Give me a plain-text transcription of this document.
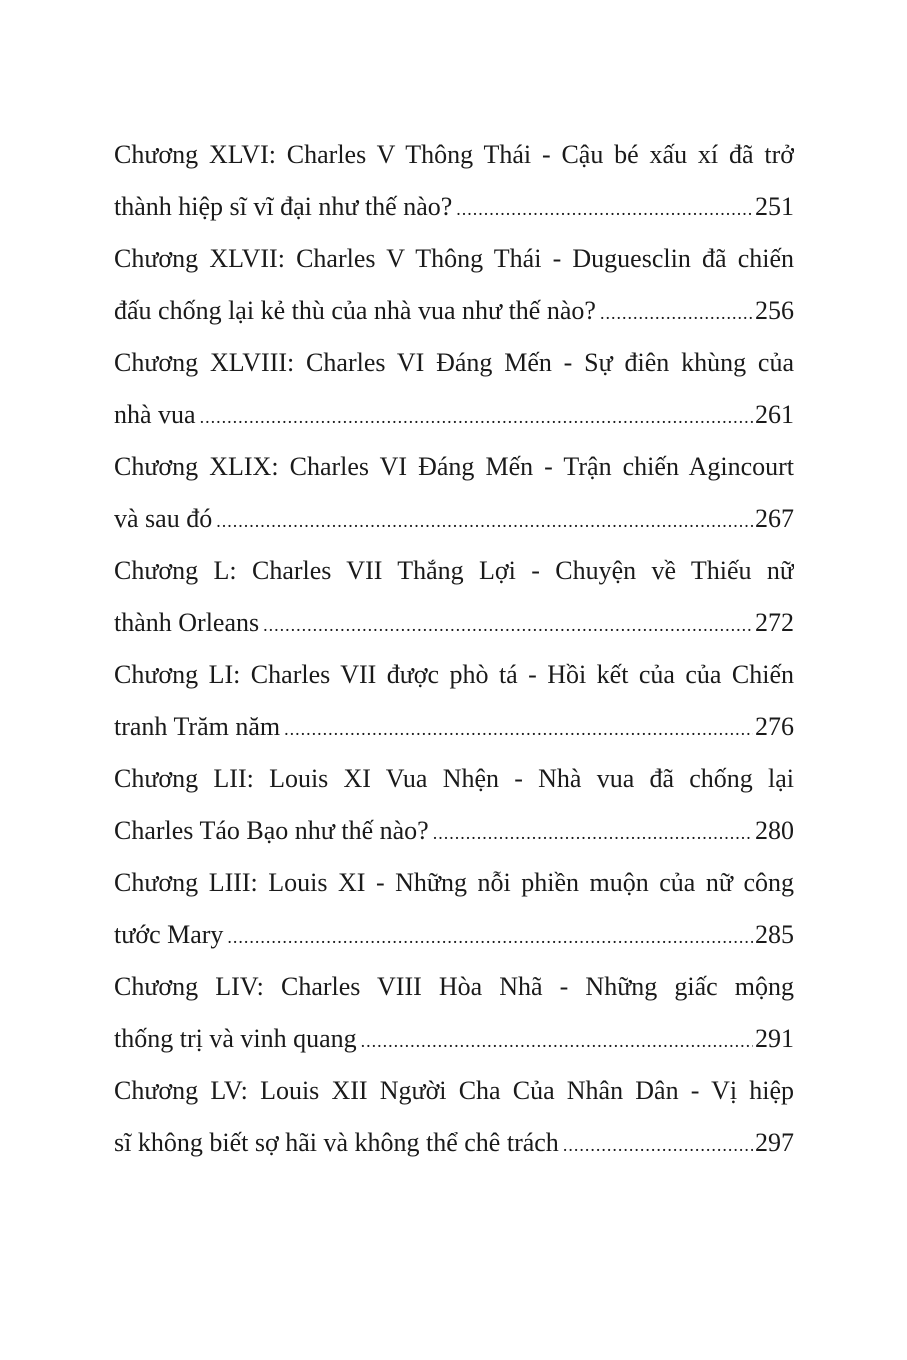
Chương XLVI: Charles V Thông Thái - Cậu bé xấu xí đã trở
thành hiệp sĩ vĩ đại như thế nào? .....	251
Chương XLVII: Charles V Thông Thái - Duguesclin đã chiến
đấu chống lại kẻ thù của nhà vua như thế nào? .....	256
Chương XLVIII: Charles VI Đáng Mến - Sự điên khùng của
nhà vua .....	261
Chương XLIX: Charles VI Đáng Mến - Trận chiến Agincourt
và sau đó .....	267
Chương L: Charles VII Thắng Lợi - Chuyện về Thiếu nữ
thành Orleans .....	272
Chương LI: Charles VII được phò tá - Hồi kết của của Chiến
tranh Trăm năm .....	276
Chương LII: Louis XI Vua Nhện - Nhà vua đã chống lại
Charles Táo Bạo như thế nào? .....	280
Chương LIII: Louis XI - Những nỗi phiền muộn của nữ công
tước Mary .....	285
Chương LIV: Charles VIII Hòa Nhã - Những giấc mộng
thống trị và vinh quang .....	291
Chương LV: Louis XII Người Cha Của Nhân Dân - Vị hiệp
sĩ không biết sợ hãi và không thể chê trách .....	297
